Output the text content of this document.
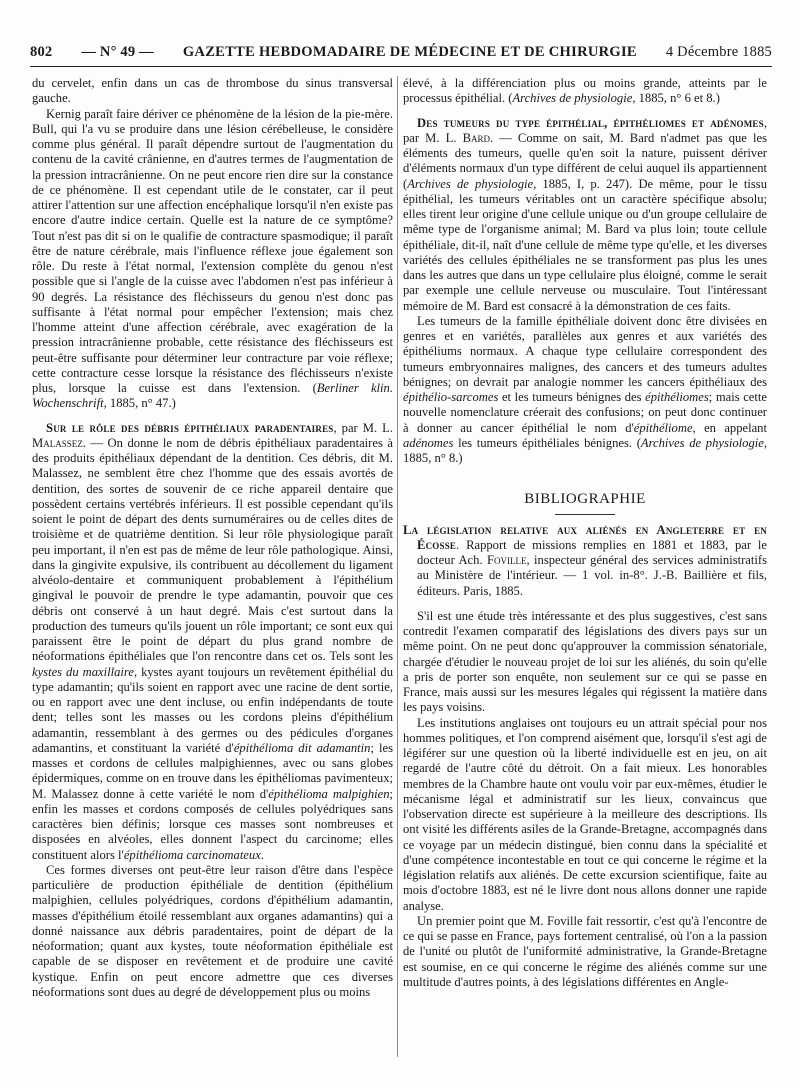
802 — N° 49 — GAZETTE HEBDOMADAIRE DE MÉDECINE ET DE CHIRURGIE 4 Décembre 1885

du cervelet, enfin dans un cas de thrombose du sinus transversal gauche.

Kernig paraît faire dériver ce phénomène de la lésion de la pie-mère. Bull, qui l'a vu se produire dans une lésion cérébelleuse, le considère comme plus général. Il paraît dépendre surtout de l'augmentation du contenu de la cavité crânienne, en d'autres termes de l'augmentation de la pression intracrânienne. On ne peut encore rien dire sur la constance de ce phénomène. Il est cependant utile de le constater, car il peut attirer l'attention sur une affection encéphalique lorsqu'il n'en existe pas encore d'autre indice certain. Quelle est la nature de ce symptôme? Tout n'est pas dit si on le qualifie de contracture spasmodique; il paraît être de nature cérébrale, mais l'influence réflexe joue également son rôle. Du reste à l'état normal, l'extension complète du genou n'est possible que si l'angle de la cuisse avec l'abdomen n'est pas inférieur à 90 degrés. La résistance des fléchisseurs du genou n'est donc pas suffisante à l'état normal pour empêcher l'extension; mais chez l'homme atteint d'une affection cérébrale, avec exagération de la pression intracrânienne probable, cette résistance des fléchisseurs est peut-être suffisante pour déterminer leur contracture par voie réflexe; cette contracture cesse lorsque la résistance des fléchisseurs n'existe plus, lorsque la cuisse est dans l'extension. (Berliner klin. Wochenschrift, 1885, n° 47.)

Sur le rôle des débris épithéliaux paradentaires, par M. L. Malassez. — On donne le nom de débris épithéliaux paradentaires à des produits épithéliaux dépendant de la dentition. Ces débris, dit M. Malassez, ne semblent être chez l'homme que des essais avortés de dentition, des sortes de souvenir de ce riche appareil dentaire que possèdent certains vertébrés inférieurs. Il est possible cependant qu'ils soient le point de départ des dents surnuméraires ou de celles dites de troisième et de quatrième dentition. Si leur rôle physiologique paraît peu important, il n'en est pas de même de leur rôle pathologique. Ainsi, dans la gingivite expulsive, ils contribuent au décollement du ligament alvéolo-dentaire et communiquent probablement à l'épithélium gingival le pouvoir de prendre le type adamantin, pouvoir que ces débris ont conservé à un haut degré. Mais c'est surtout dans la production des tumeurs qu'ils jouent un rôle important; ce sont eux qui paraissent être le point de départ du plus grand nombre de néoformations épithéliales que l'on rencontre dans cet os. Tels sont les kystes du maxillaire, kystes ayant toujours un revêtement épithélial du type adamantin; qu'ils soient en rapport avec une racine de dent sortie, ou en rapport avec une dent incluse, ou enfin indépendants de toute dent; telles sont les masses ou les cordons pleins d'épithélium adamantin, ressemblant à des germes ou des pédicules d'organes adamantins, et constituant la variété d'épithélioma dit adamantin; les masses et cordons de cellules malpighiennes, avec ou sans globes épidermiques, comme on en trouve dans les épithéliomas pavimenteux; M. Malassez donne à cette variété le nom d'épithélioma malpighien; enfin les masses et cordons composés de cellules polyédriques sans caractères bien définis; lorsque ces masses sont nombreuses et disposées en alvéoles, elles donnent l'aspect du carcinome; elles constituent alors l'épithélioma carcinomateux.

Ces formes diverses ont peut-être leur raison d'être dans l'espèce particulière de production épithéliale de dentition (épithélium malpighien, cellules polyédriques, cordons d'épithélium adamantin, masses d'épithélium étoilé ressemblant aux organes adamantins) qui a donné naissance aux débris paradentaires, point de départ de la néoformation; quant aux kystes, toute néoformation épithéliale est capable de se disposer en revêtement et de produire une cavité kystique. Enfin on peut encore admettre que ces diverses néoformations sont dues au degré de développement plus ou moins

élevé, à la différenciation plus ou moins grande, atteints par le processus épithélial. (Archives de physiologie, 1885, n° 6 et 8.)

Des tumeurs du type épithélial, épithéliomes et adénomes, par M. L. Bard. — Comme on sait, M. Bard n'admet pas que les éléments des tumeurs, quelle qu'en soit la nature, puissent dériver d'éléments normaux d'un type différent de celui auquel ils appartiennent (Archives de physiologie, 1885, I, p. 247). De même, pour le tissu épithélial, les tumeurs véritables ont un caractère spécifique absolu; elles tirent leur origine d'une cellule unique ou d'un groupe cellulaire de même type de l'organisme animal; M. Bard va plus loin; toute cellule épithéliale, dit-il, naît d'une cellule de même type qu'elle, et les diverses variétés des cellules épithéliales ne se transforment pas plus les unes dans les autres que dans un type cellulaire plus éloigné, comme le serait par exemple une cellule nerveuse ou musculaire. Tout l'intéressant mémoire de M. Bard est consacré à la démonstration de ces faits.

Les tumeurs de la famille épithéliale doivent donc être divisées en genres et en variétés, parallèles aux genres et aux variétés des épithéliums normaux. A chaque type cellulaire correspondent des tumeurs embryonnaires malignes, des cancers et des tumeurs adultes bénignes; on devrait par analogie nommer les cancers épithéliaux des épithélio-sarcomes et les tumeurs bénignes des épithéliomes; mais cette nouvelle nomenclature créerait des confusions; on peut donc continuer à donner au cancer épithélial le nom d'épithéliome, en appelant adénomes les tumeurs épithéliales bénignes. (Archives de physiologie, 1885, n° 8.)

BIBLIOGRAPHIE

La législation relative aux aliénés en Angleterre et en Écosse. Rapport de missions remplies en 1881 et 1883, par le docteur Ach. Foville, inspecteur général des services administratifs au Ministère de l'intérieur. — 1 vol. in-8°. J.-B. Baillière et fils, éditeurs. Paris, 1885.

S'il est une étude très intéressante et des plus suggestives, c'est sans contredit l'examen comparatif des législations des divers pays sur un même point. On ne peut donc qu'approuver la commission sénatoriale, chargée d'étudier le nouveau projet de loi sur les aliénés, du soin qu'elle a pris de porter son enquête, non seulement sur ce qui se passe en France, mais aussi sur les mesures légales qui régissent la matière dans les pays voisins.

Les institutions anglaises ont toujours eu un attrait spécial pour nos hommes politiques, et l'on comprend aisément que, lorsqu'il s'est agi de légiférer sur une question où la liberté individuelle est en jeu, on ait regardé de l'autre côté du détroit. On a fait mieux. Les honorables membres de la Chambre haute ont voulu voir par eux-mêmes, étudier le mécanisme légal et administratif sur les lieux, convaincus que l'observation directe est supérieure à la meilleure des descriptions. Ils ont visité les différents asiles de la Grande-Bretagne, accompagnés dans ce voyage par un médecin distingué, bien connu dans la spécialité et d'une compétence incontestable en tout ce qui concerne le régime et la législation relatifs aux aliénés. De cette excursion scientifique, faite au mois d'octobre 1883, est né le livre dont nous allons donner une rapide analyse.

Un premier point que M. Foville fait ressortir, c'est qu'à l'encontre de ce qui se passe en France, pays fortement centralisé, où l'on a la passion de l'unité ou plutôt de l'uniformité administrative, la Grande-Bretagne est soumise, en ce qui concerne le régime des aliénés comme sur une multitude d'autres points, à des législations différentes en Angle-
